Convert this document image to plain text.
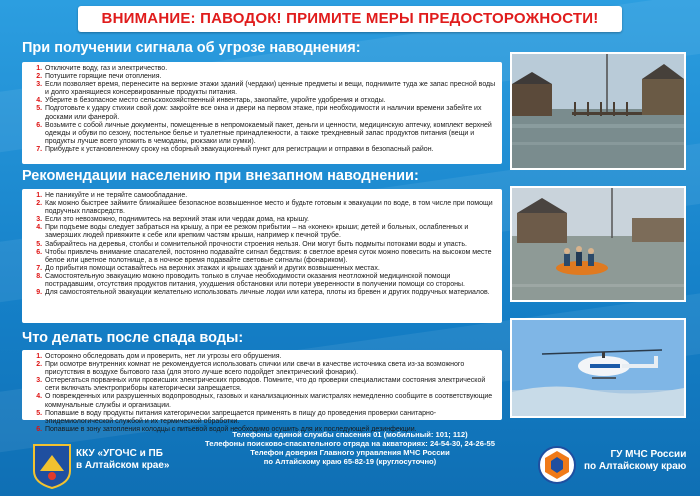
ВНИМАНИЕ: ПАВОДОК! ПРИМИТЕ МЕРЫ ПРЕДОСТОРОЖНОСТИ!
При получении сигнала об угрозе наводнения:
1. Отключите воду, газ и электричество.
2. Потушите горящие печи отопления.
3. Если позволяет время, перенесите на верхние этажи зданий (чердаки) ценные предметы и вещи, поднимите туда же запас пресной воды и долго хранящиеся консервированные продукты питания.
4. Уберите в безопасное место сельскохозяйственный инвентарь, закопайте, укройте удобрения и отходы.
5. Подготовьте к удару стихии свой дом: закройте все окна и двери на первом этаже, при необходимости и наличии времени забейте их досками или фанерой.
6. Возьмите с собой личные документы, помещенные в непромокаемый пакет, деньги и ценности, медицинскую аптечку, комплект верхней одежды и обуви по сезону, постельное белье и туалетные принадлежности, а также трехдневный запас продуктов питания (вещи и продукты лучше всего уложить в чемоданы, рюкзаки или сумки).
7. Прибудьте к установленному сроку на сборный эвакуационный пункт для регистрации и отправки в безопасный район.
Рекомендации населению при внезапном наводнении:
1. Не паникуйте и не теряйте самообладание.
2. Как можно быстрее займите ближайшее безопасное возвышенное место и будьте готовым к эвакуации по воде, в том числе при помощи подручных плавсредств.
3. Если это невозможно, поднимитесь на верхний этаж или чердак дома, на крышу.
4. При подъеме воды следует забраться на крышу, а при ее резком прибытии – на «конек» крыши; детей и больных, ослабленных и замерзших людей привяжите к себе или крепким частям крыши, например к печной трубе.
5. Забирайтесь на деревья, столбы и сомнительной прочности строения нельзя. Они могут быть подмыты потоками воды и упасть.
6. Чтобы привлечь внимание спасателей, постоянно подавайте сигнал бедствия: в светлое время суток можно повесить на высоком месте белое или цветное полотнище, а в ночное время подавайте световые сигналы (фонариком).
7. До прибытия помощи оставайтесь на верхних этажах и крышах зданий и других возвышенных местах.
8. Самостоятельную эвакуацию можно проводить только в случае необходимости оказания неотложной медицинской помощи пострадавшим, отсутствия продуктов питания, ухудшения обстановки или потери уверенности в получении помощи со стороны.
9. Для самостоятельной эвакуации желательно использовать личные лодки или катера, плоты из бревен и других подручных материалов.
Что делать после спада воды:
1. Осторожно обследовать дом и проверить, нет ли угрозы его обрушения.
2. При осмотре внутренних комнат не рекомендуется использовать спички или свечи в качестве источника света из-за возможного присутствия в воздухе бытового газа (для этого лучше всего подойдет электрический фонарик).
3. Остерегаться порванных или провисших электрических проводов. Помните, что до проверки специалистами состояния электрической сети включать электроприборы категорически запрещается.
4. О поврежденных или разрушенных водопроводных, газовых и канализационных магистралях немедленно сообщите в соответствующие коммунальные службы и организации.
5. Попавшие в воду продукты питания категорически запрещается применять в пищу до проведения проверки санитарно-эпидемиологической службой и их термической обработки.
6. Попавшие в зону затопления колодцы с питьевой водой необходимо осушить для их последующей дезинфекции.
ККУ «УГОЧС и ПБ
в Алтайском крае»
ГУ МЧС России
по Алтайскому краю
Телефоны единой службы спасения 01 (мобильный: 101; 112)
Телефоны поисково-спасательного отряда на акваториях: 24-54-30, 24-26-55
Телефон доверия Главного управления МЧС России
по Алтайскому краю 65-82-19 (круглосуточно)
